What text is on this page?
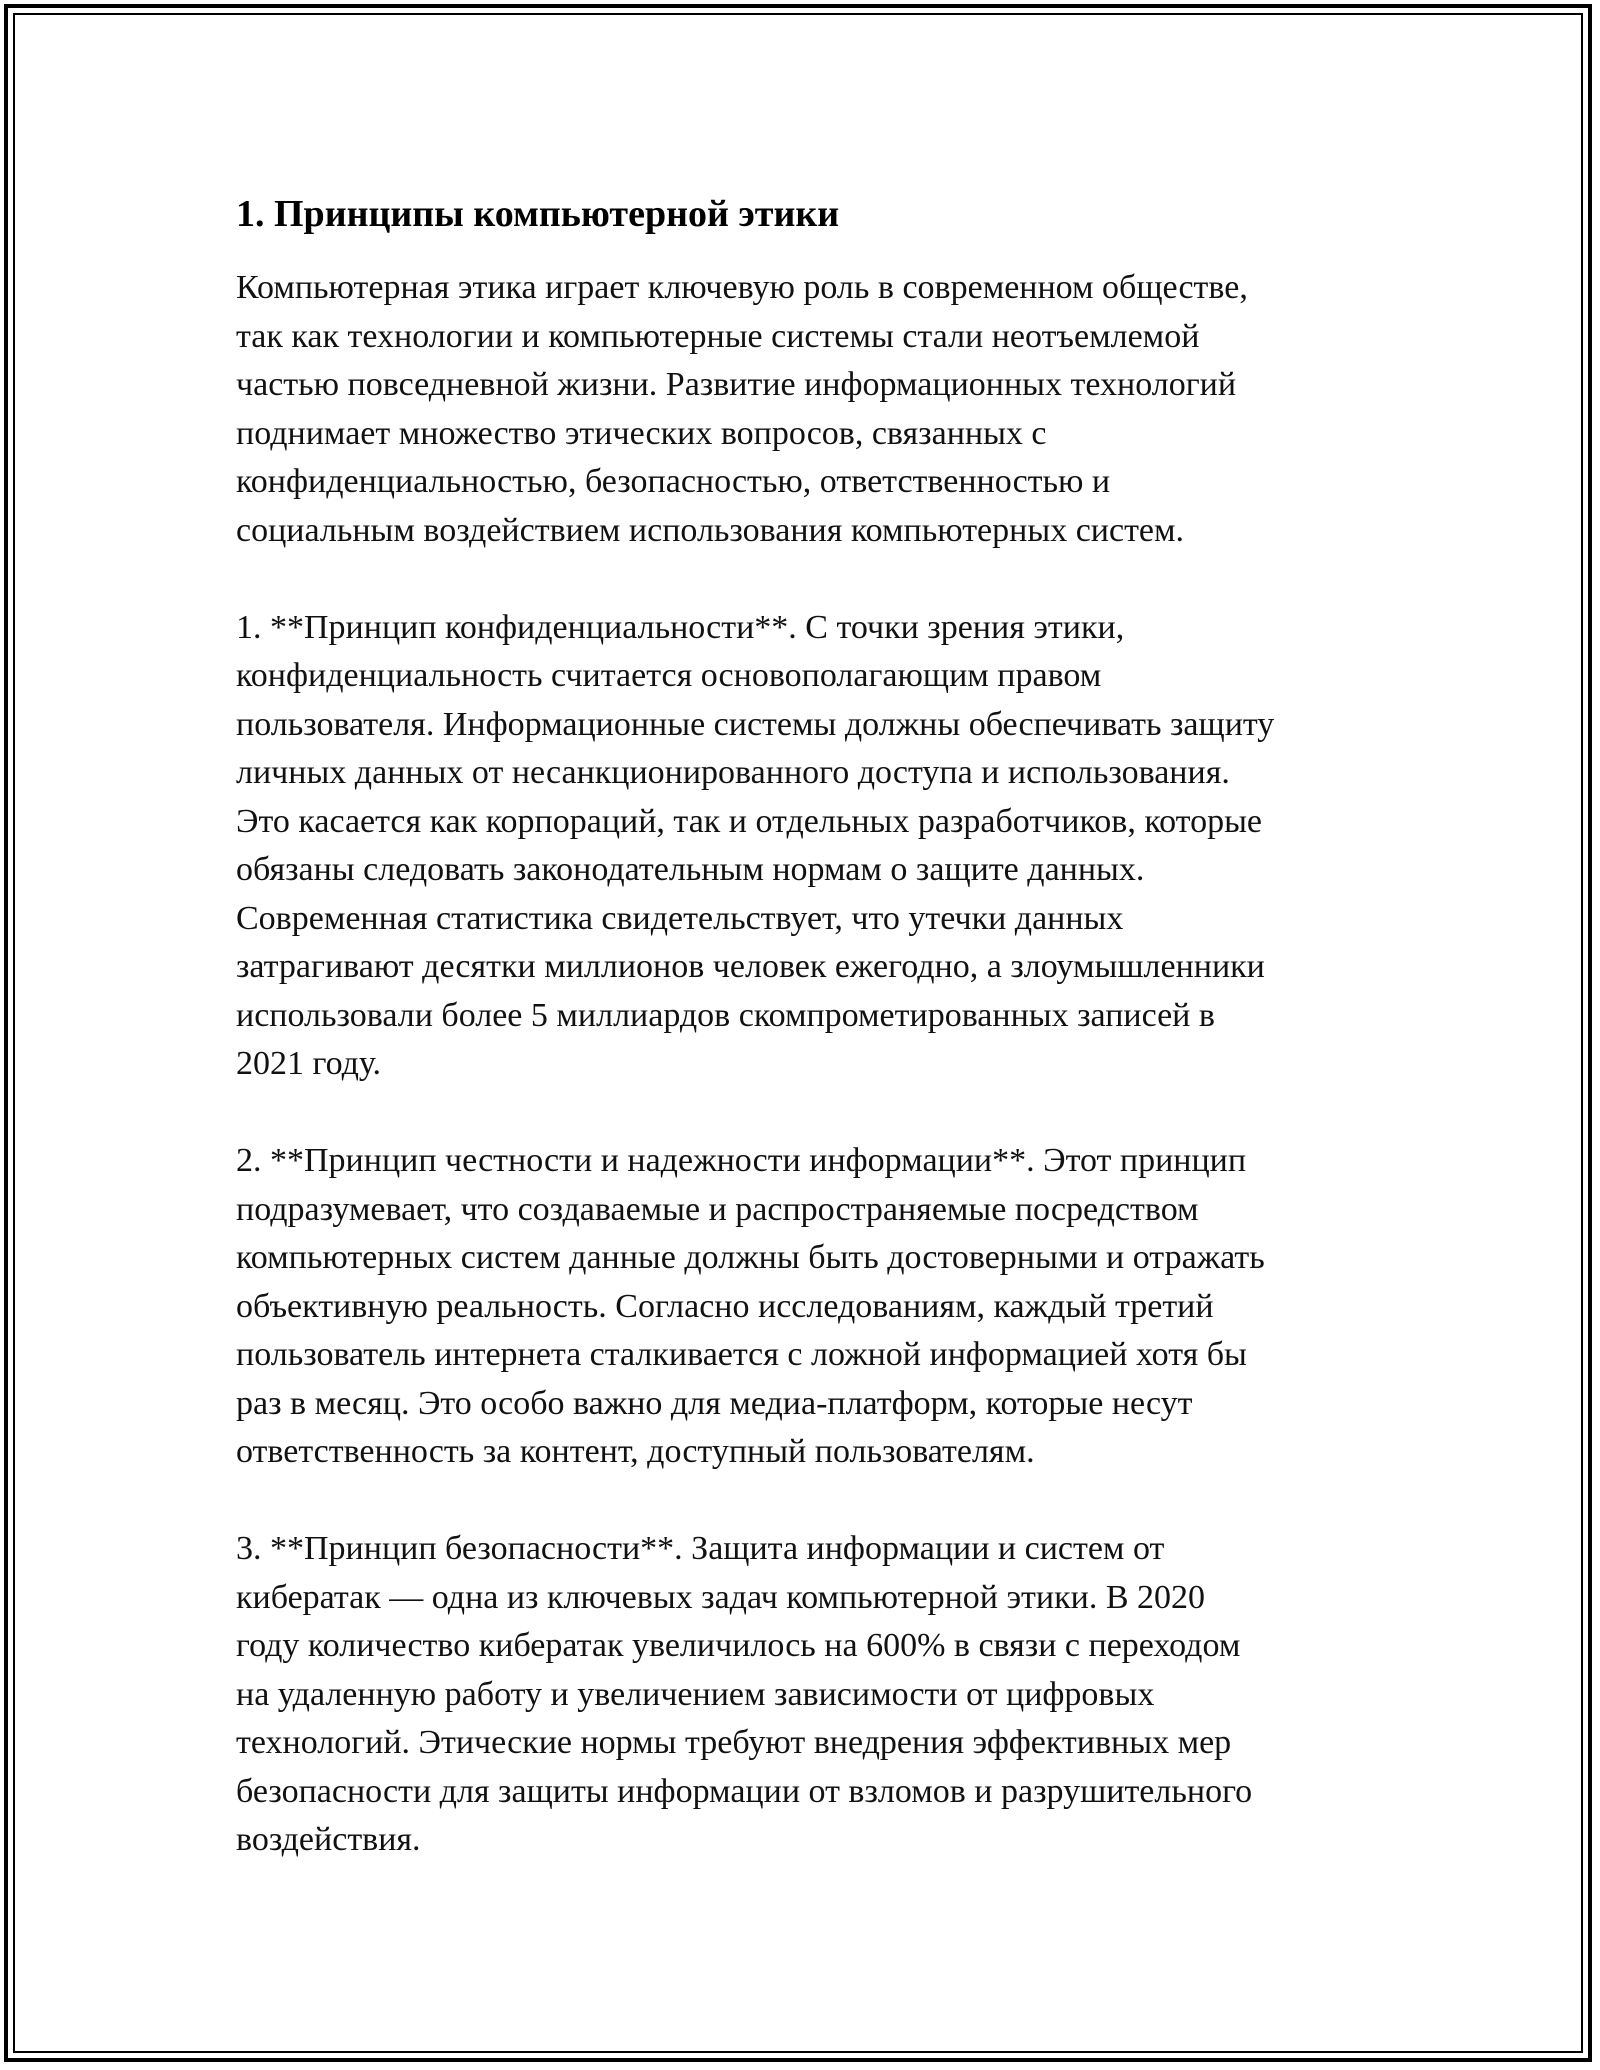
1. Принципы компьютерной этики

Компьютерная этика играет ключевую роль в современном обществе,
так как технологии и компьютерные системы стали неотъемлемой
частью повседневной жизни. Развитие информационных технологий
поднимает множество этических вопросов, связанных с
конфиденциальностью, безопасностью, ответственностью и
социальным воздействием использования компьютерных систем.

1. **Принцип конфиденциальности**. С точки зрения этики,
конфиденциальность считается основополагающим правом
пользователя. Информационные системы должны обеспечивать защиту
личных данных от несанкционированного доступа и использования.
Это касается как корпораций, так и отдельных разработчиков, которые
обязаны следовать законодательным нормам о защите данных.
Современная статистика свидетельствует, что утечки данных
затрагивают десятки миллионов человек ежегодно, а злоумышленники
использовали более 5 миллиардов скомпрометированных записей в
2021 году.

2. **Принцип честности и надежности информации**. Этот принцип
подразумевает, что создаваемые и распространяемые посредством
компьютерных систем данные должны быть достоверными и отражать
объективную реальность. Согласно исследованиям, каждый третий
пользователь интернета сталкивается с ложной информацией хотя бы
раз в месяц. Это особо важно для медиа-платформ, которые несут
ответственность за контент, доступный пользователям.

3. **Принцип безопасности**. Защита информации и систем от
кибератак — одна из ключевых задач компьютерной этики. В 2020
году количество кибератак увеличилось на 600% в связи с переходом
на удаленную работу и увеличением зависимости от цифровых
технологий. Этические нормы требуют внедрения эффективных мер
безопасности для защиты информации от взломов и разрушительного
воздействия.
